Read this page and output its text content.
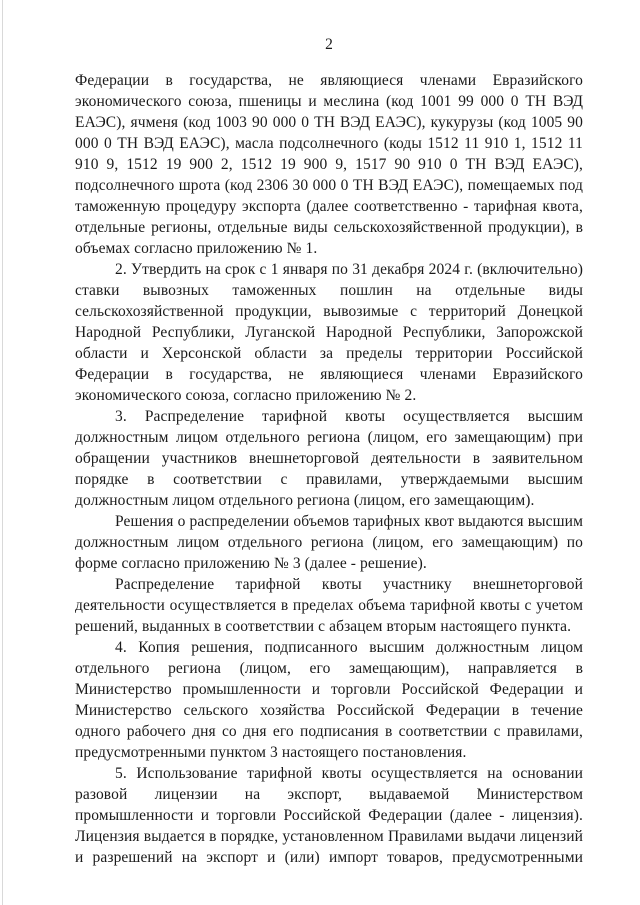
2

Федерации в государства, не являющиеся членами Евразийского экономического союза, пшеницы и меслина (код 1001 99 000 0 ТН ВЭД ЕАЭС), ячменя (код 1003 90 000 0 ТН ВЭД ЕАЭС), кукурузы (код 1005 90 000 0 ТН ВЭД ЕАЭС), масла подсолнечного (коды 1512 11 910 1, 1512 11 910 9, 1512 19 900 2, 1512 19 900 9, 1517 90 910 0 ТН ВЭД ЕАЭС), подсолнечного шрота (код 2306 30 000 0 ТН ВЭД ЕАЭС), помещаемых под таможенную процедуру экспорта (далее соответственно - тарифная квота, отдельные регионы, отдельные виды сельскохозяйственной продукции), в объемах согласно приложению № 1.

2. Утвердить на срок с 1 января по 31 декабря 2024 г. (включительно) ставки вывозных таможенных пошлин на отдельные виды сельскохозяйственной продукции, вывозимые с территорий Донецкой Народной Республики, Луганской Народной Республики, Запорожской области и Херсонской области за пределы территории Российской Федерации в государства, не являющиеся членами Евразийского экономического союза, согласно приложению № 2.

3. Распределение тарифной квоты осуществляется высшим должностным лицом отдельного региона (лицом, его замещающим) при обращении участников внешнеторговой деятельности в заявительном порядке в соответствии с правилами, утверждаемыми высшим должностным лицом отдельного региона (лицом, его замещающим).

Решения о распределении объемов тарифных квот выдаются высшим должностным лицом отдельного региона (лицом, его замещающим) по форме согласно приложению № 3 (далее - решение).

Распределение тарифной квоты участнику внешнеторговой деятельности осуществляется в пределах объема тарифной квоты с учетом решений, выданных в соответствии с абзацем вторым настоящего пункта.

4. Копия решения, подписанного высшим должностным лицом отдельного региона (лицом, его замещающим), направляется в Министерство промышленности и торговли Российской Федерации и Министерство сельского хозяйства Российской Федерации в течение одного рабочего дня со дня его подписания в соответствии с правилами, предусмотренными пунктом 3 настоящего постановления.

5. Использование тарифной квоты осуществляется на основании разовой лицензии на экспорт, выдаваемой Министерством промышленности и торговли Российской Федерации (далее - лицензия). Лицензия выдается в порядке, установленном Правилами выдачи лицензий и разрешений на экспорт и (или) импорт товаров, предусмотренными
